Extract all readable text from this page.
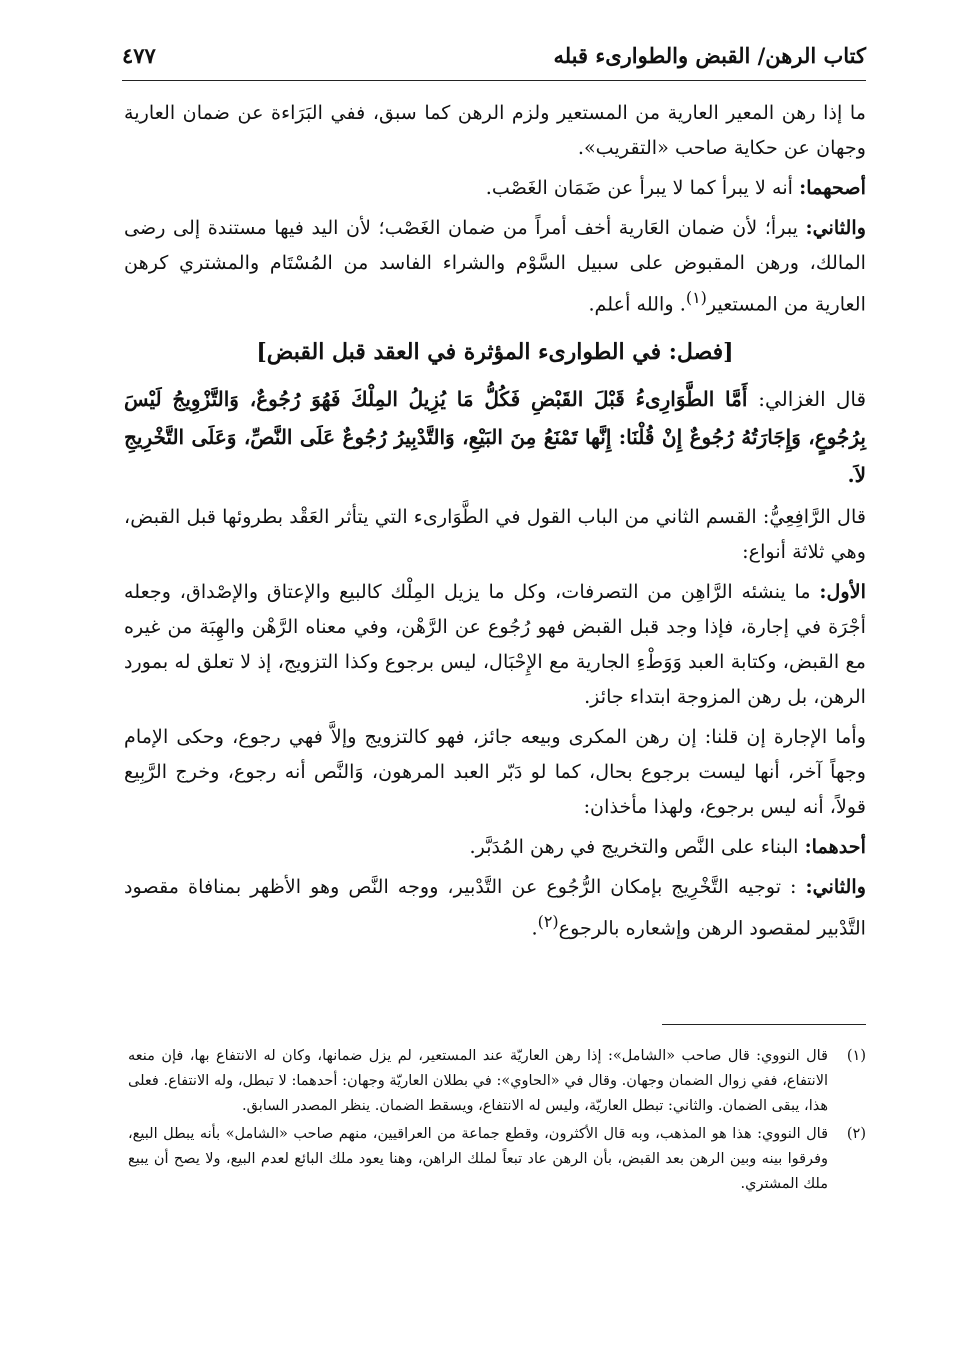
كتاب الرهن/ القبض والطوارىء قبله
٤٧٧

ما إذا رهن المعير العارية من المستعير ولزم الرهن كما سبق، ففي البَرَاءة عن ضمان العارية وجهان عن حكاية صاحب «التقريب».

أصحهما: أنه لا يبرأ كما لا يبرأ عن ضَمَان الغَصْب.

والثاني: يبرأ؛ لأن ضمان العَارية أخف أمراً من ضمان الغَصْب؛ لأن اليد فيها مستندة إلى رضى المالك، ورهن المقبوض على سبيل السَّوْم والشراء الفاسد من المُسْتَام والمشتري كرهن العارية من المستعير$^{(١)}$. والله أعلم.

[فصل: في الطوارىء المؤثرة في العقد قبل القبض]

قال الغزالي: أَمَّا الطَّوَارِىءُ قَبْلَ القَبْضِ فَكُلُّ مَا يُزِيلُ المِلْكَ فَهُوَ رُجُوعٌ، وَالتَّزْوِيجُ لَيْسَ بِرُجُوعٍ، وَإِجَارَتُهُ رُجُوعٌ إِنْ قُلْنَا: إِنَّها تَمْنَعُ مِنَ البَيْعِ، وَالتَّدْبِيرُ رُجُوعٌ عَلَى النَّصِّ، وَعَلَى التَّخْرِيجِ لاَ.

قال الرَّافِعِيُّ: القسم الثاني من الباب القول في الطَّوَارىء التي يتأثر العَقْد بطروئها قبل القبض، وهي ثلاثة أنواع:

الأول: ما ينشئه الرَّاهِن من التصرفات، وكل ما يزيل المِلْك كالبيع والإعتاق والإصْداق، وجعله أجْرَة في إجارة، فإذا وجد قبل القبض فهو رُجُوع عن الرَّهْن، وفي معناه الرَّهْن والهِبَة من غيره مع القبض، وكتابة العبد وَوَطْءِ الجارية مع الإِحْبَال، ليس برجوع وكذا التزويج، إذ لا تعلق له بمورد الرهن، بل رهن المزوجة ابتداء جائز.

وأما الإجارة إن قلنا: إن رهن المكرى وبيعه جائز، فهو كالتزويج وإلاَّ فهي رجوع، وحكى الإمام وجهاً آخر، أنها ليست برجوع بحال، كما لو دَبّر العبد المرهون، وَالنَّص أنه رجوع، وخرج الرَّبِيع قولاً، أنه ليس برجوع، ولهذا مأخذان:

أحدهما: البناء على النَّص والتخريج في رهن المُدَبَّر.

والثاني: : توجيه التَّخْرِيج بإمكان الرُّجُوع عن التَّدْبير، ووجه النَّص وهو الأظهر بمنافاة مقصود التَّدْبير لمقصود الرهن وإشعاره بالرجوع$^{(٢)}$.

(١)
قال النووي: قال صاحب «الشامل»: إذا رهن العاريّة عند المستعير، لم يزل ضمانها، وكان له الانتفاع بها، فإن منعه الانتفاع، ففي زوال الضمان وجهان. وقال في «الحاوي»: في بطلان العاريّة وجهان: أحدهما: لا تبطل، وله الانتفاع. فعلى هذا، يبقى الضمان. والثاني: تبطل العاريّة، وليس له الانتفاع، ويسقط الضمان. ينظر المصدر السابق.
(٢)
قال النووي: هذا هو المذهب، وبه قال الأكثرون، وقطع جماعة من العراقيين، منهم صاحب «الشامل» بأنه يبطل البيع، وفرقوا بينه وبين الرهن بعد القبض، بأن الرهن عاد تبعاً لملك الراهن، وهنا يعود ملك البائع لعدم البيع، ولا يصح أن يبيع ملك المشتري.
